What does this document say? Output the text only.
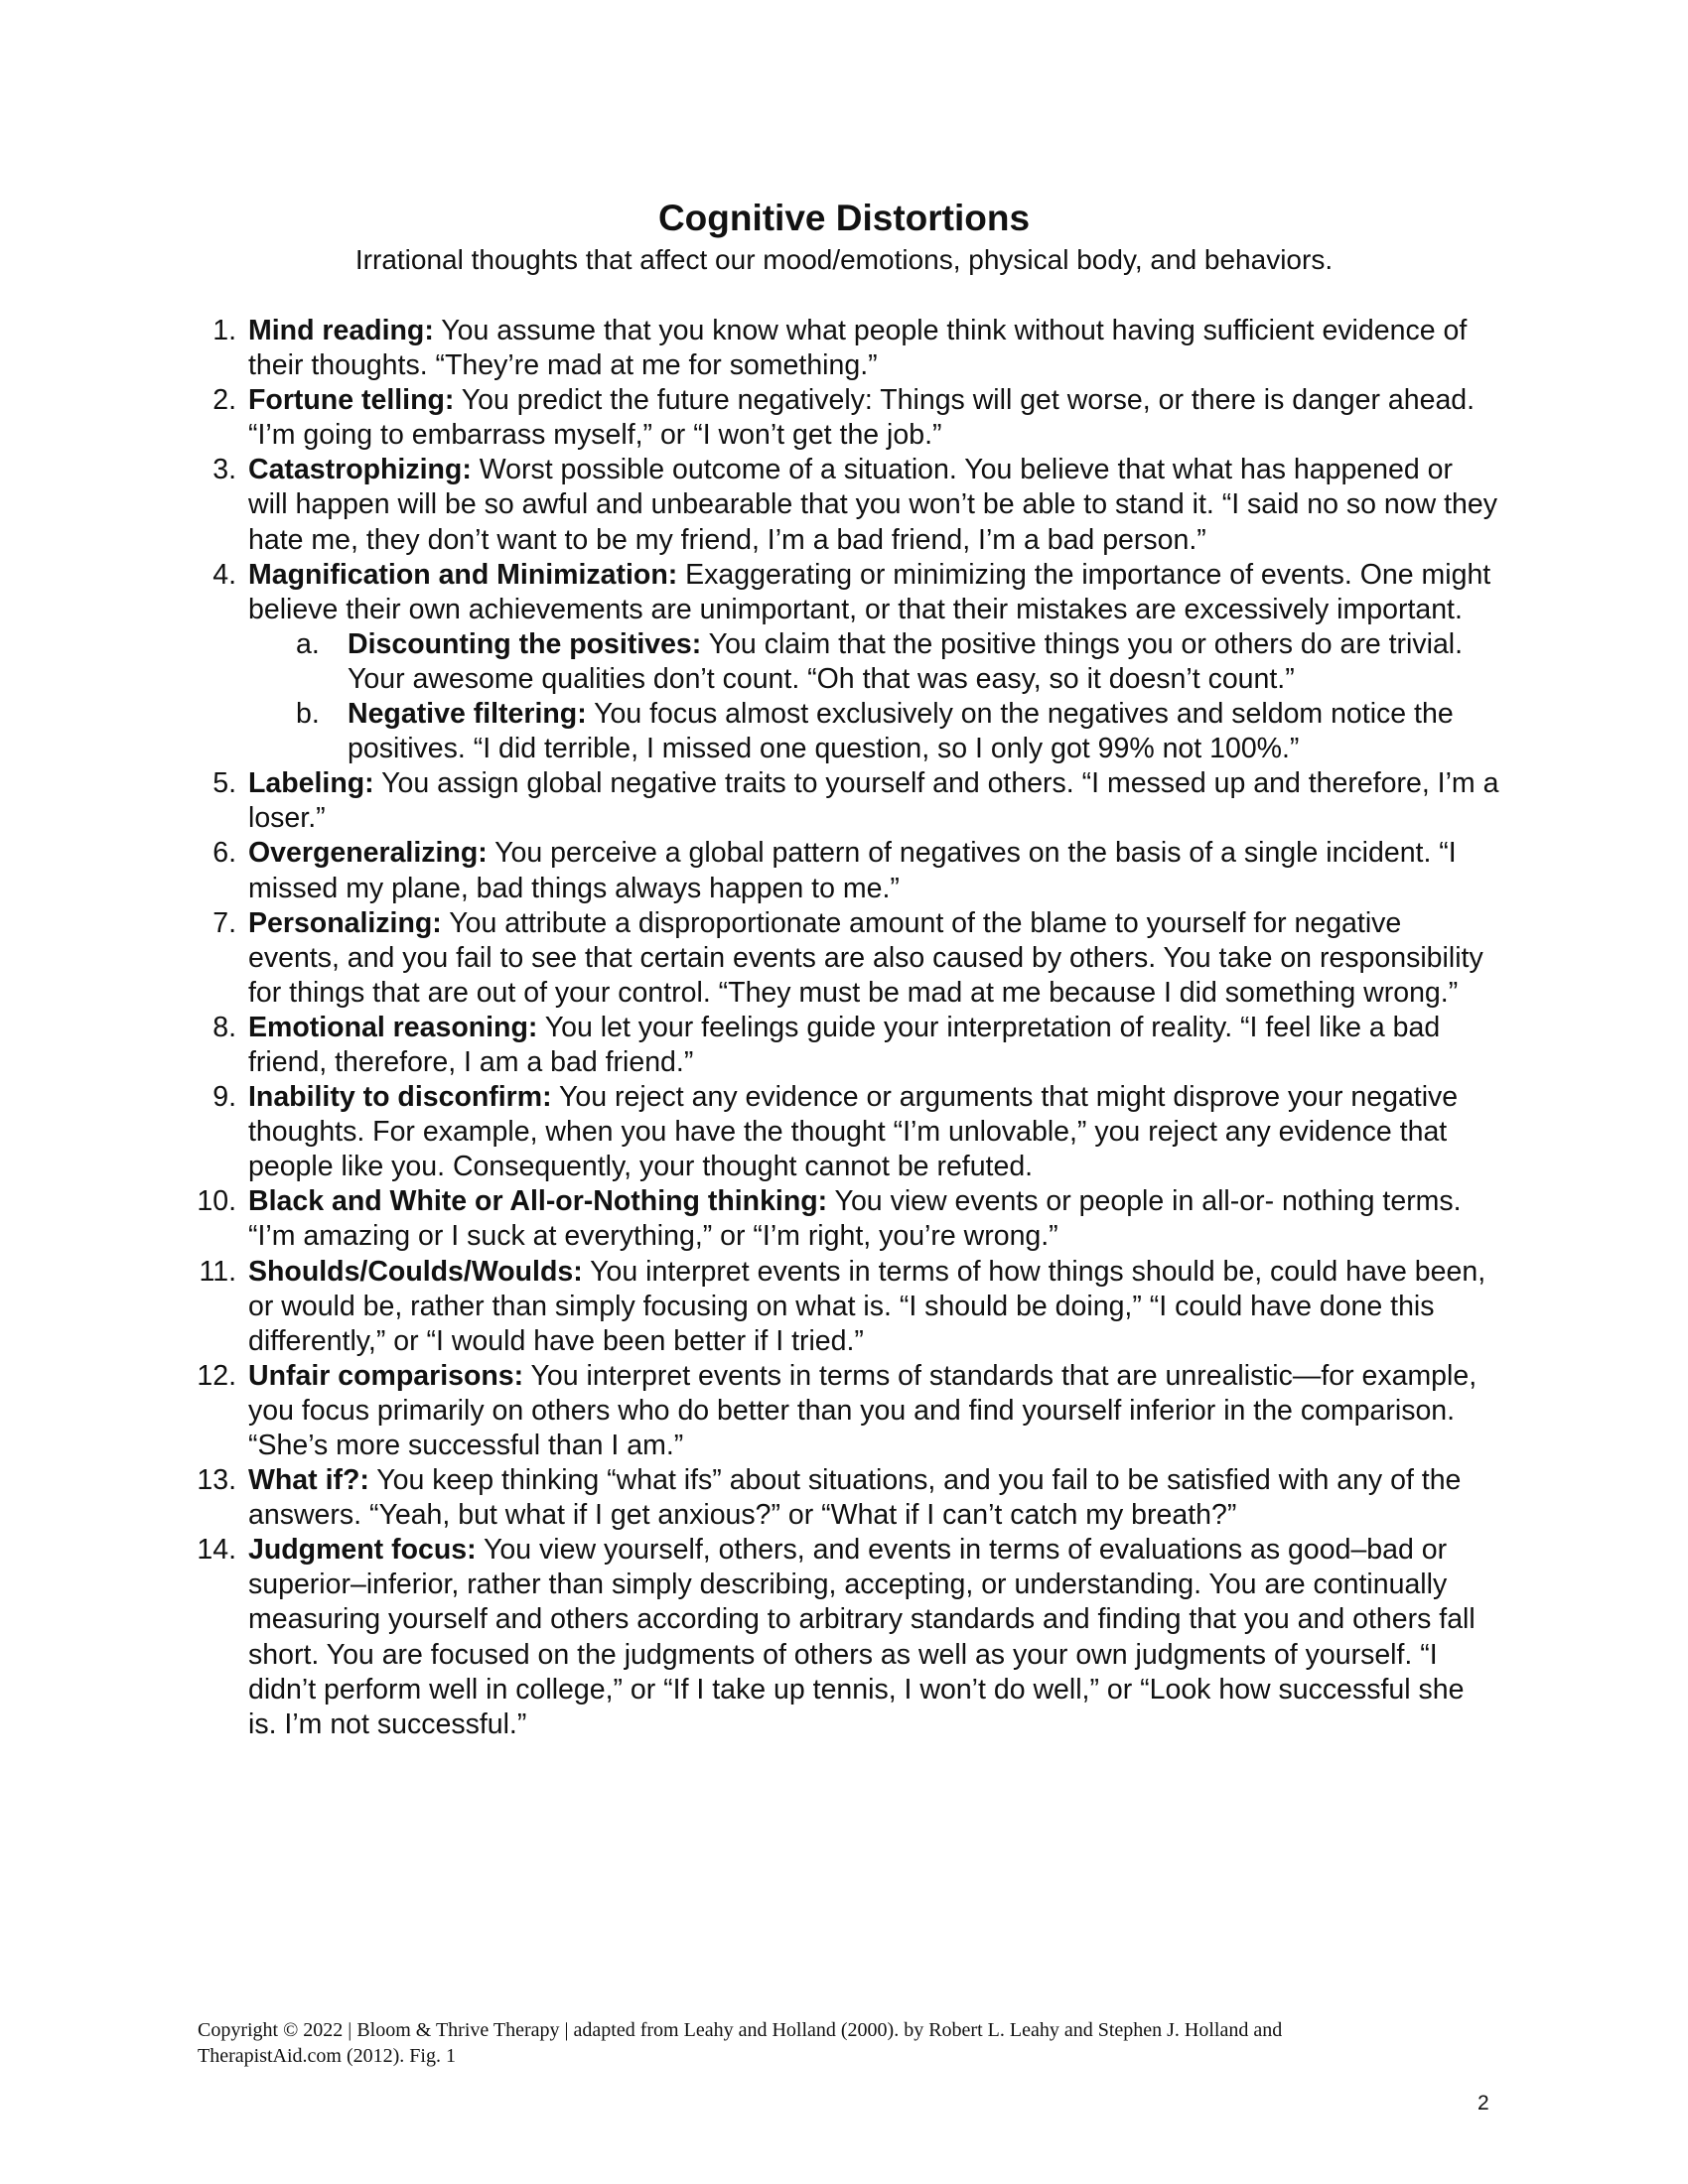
Cognitive Distortions

Irrational thoughts that affect our mood/emotions, physical body, and behaviors.

1. Mind reading: You assume that you know what people think without having sufficient evidence of their thoughts. “They’re mad at me for something.”
2. Fortune telling: You predict the future negatively: Things will get worse, or there is danger ahead. “I’m going to embarrass myself,” or “I won’t get the job.”
3. Catastrophizing: Worst possible outcome of a situation. You believe that what has happened or will happen will be so awful and unbearable that you won’t be able to stand it. “I said no so now they hate me, they don’t want to be my friend, I’m a bad friend, I’m a bad person.”
4. Magnification and Minimization: Exaggerating or minimizing the importance of events. One might believe their own achievements are unimportant, or that their mistakes are excessively important.
a. Discounting the positives: You claim that the positive things you or others do are trivial. Your awesome qualities don’t count. “Oh that was easy, so it doesn’t count.”
b. Negative filtering: You focus almost exclusively on the negatives and seldom notice the positives. “I did terrible, I missed one question, so I only got 99% not 100%.”
5. Labeling: You assign global negative traits to yourself and others. “I messed up and therefore, I’m a loser.”
6. Overgeneralizing: You perceive a global pattern of negatives on the basis of a single incident. “I missed my plane, bad things always happen to me.”
7. Personalizing: You attribute a disproportionate amount of the blame to yourself for negative events, and you fail to see that certain events are also caused by others. You take on responsibility for things that are out of your control. “They must be mad at me because I did something wrong.”
8. Emotional reasoning: You let your feelings guide your interpretation of reality. “I feel like a bad friend, therefore, I am a bad friend.”
9. Inability to disconfirm: You reject any evidence or arguments that might disprove your negative thoughts. For example, when you have the thought “I’m unlovable,” you reject any evidence that people like you. Consequently, your thought cannot be refuted.
10. Black and White or All-or-Nothing thinking: You view events or people in all-or- nothing terms. “I’m amazing or I suck at everything,” or “I’m right, you’re wrong.”
11. Shoulds/Coulds/Woulds: You interpret events in terms of how things should be, could have been, or would be, rather than simply focusing on what is. “I should be doing,” “I could have done this differently,” or “I would have been better if I tried.”
12. Unfair comparisons: You interpret events in terms of standards that are unrealistic—for example, you focus primarily on others who do better than you and find yourself inferior in the comparison. “She’s more successful than I am.”
13. What if?: You keep thinking “what ifs” about situations, and you fail to be satisfied with any of the answers. “Yeah, but what if I get anxious?” or “What if I can’t catch my breath?”
14. Judgment focus: You view yourself, others, and events in terms of evaluations as good–bad or superior–inferior, rather than simply describing, accepting, or understanding. You are continually measuring yourself and others according to arbitrary standards and finding that you and others fall short. You are focused on the judgments of others as well as your own judgments of yourself. “I didn’t perform well in college,” or “If I take up tennis, I won’t do well,” or “Look how successful she is. I’m not successful.”

Copyright © 2022 | Bloom & Thrive Therapy | adapted from Leahy and Holland (2000). by Robert L. Leahy and Stephen J. Holland and TherapistAid.com (2012). Fig. 1

2
